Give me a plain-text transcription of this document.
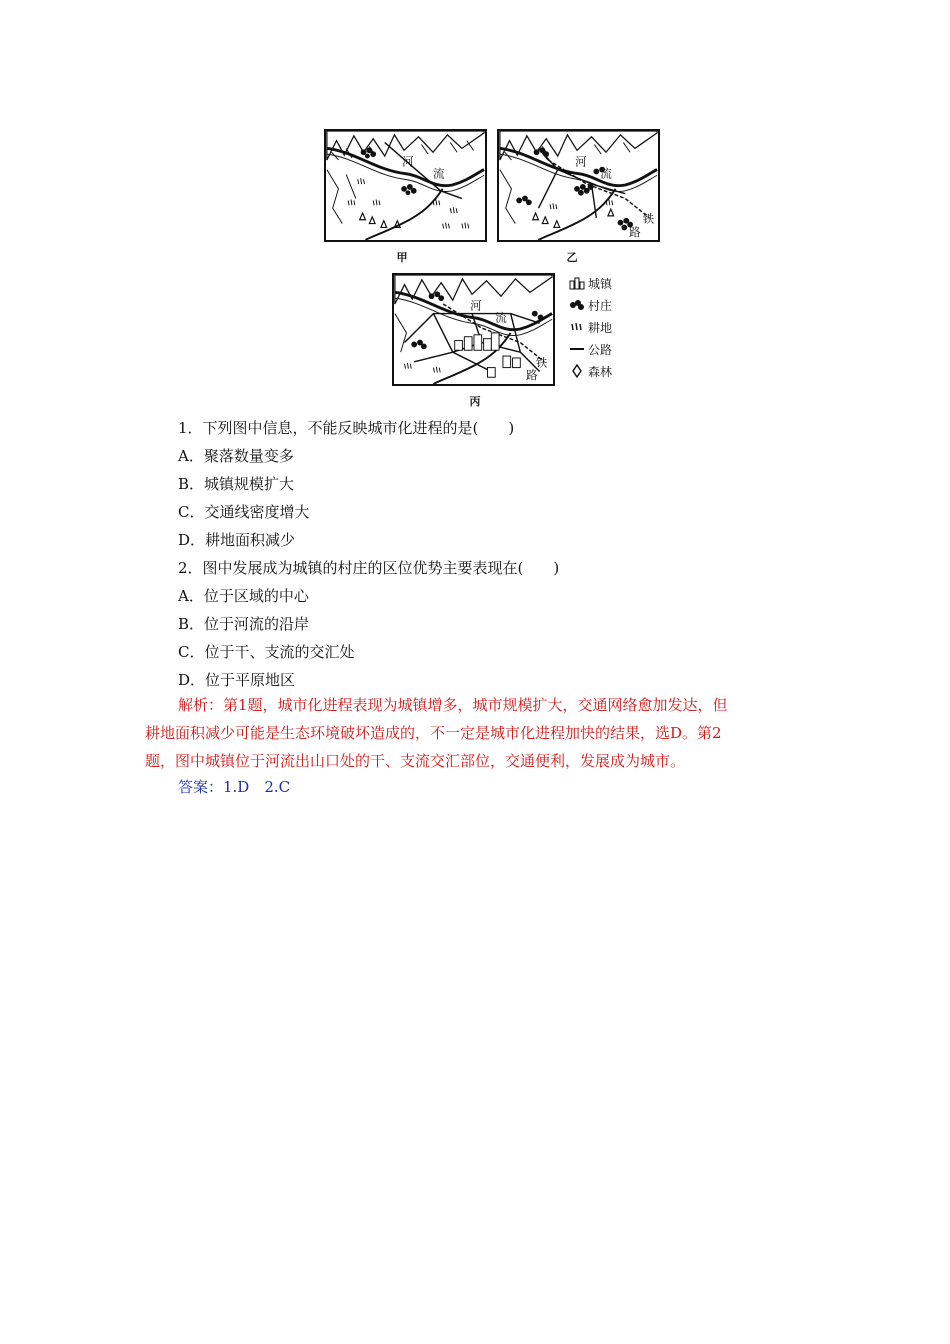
河
流
甲
河
流
铁
路
乙
河
流
铁
路
丙
城镇
村庄
耕地
公路
森林
1．下列图中信息，不能反映城市化进程的是(　　)
A．聚落数量变多
B．城镇规模扩大
C．交通线密度增大
D．耕地面积减少
2．图中发展成为城镇的村庄的区位优势主要表现在(　　)
A．位于区域的中心
B．位于河流的沿岸
C．位于干、支流的交汇处
D．位于平原地区
解析：第1题，城市化进程表现为城镇增多，城市规模扩大，交通网络愈加发达，但
耕地面积减少可能是生态环境破坏造成的，不一定是城市化进程加快的结果，选D。第2
题，图中城镇位于河流出山口处的干、支流交汇部位，交通便利，发展成为城市。
答案：1.D　2.C
